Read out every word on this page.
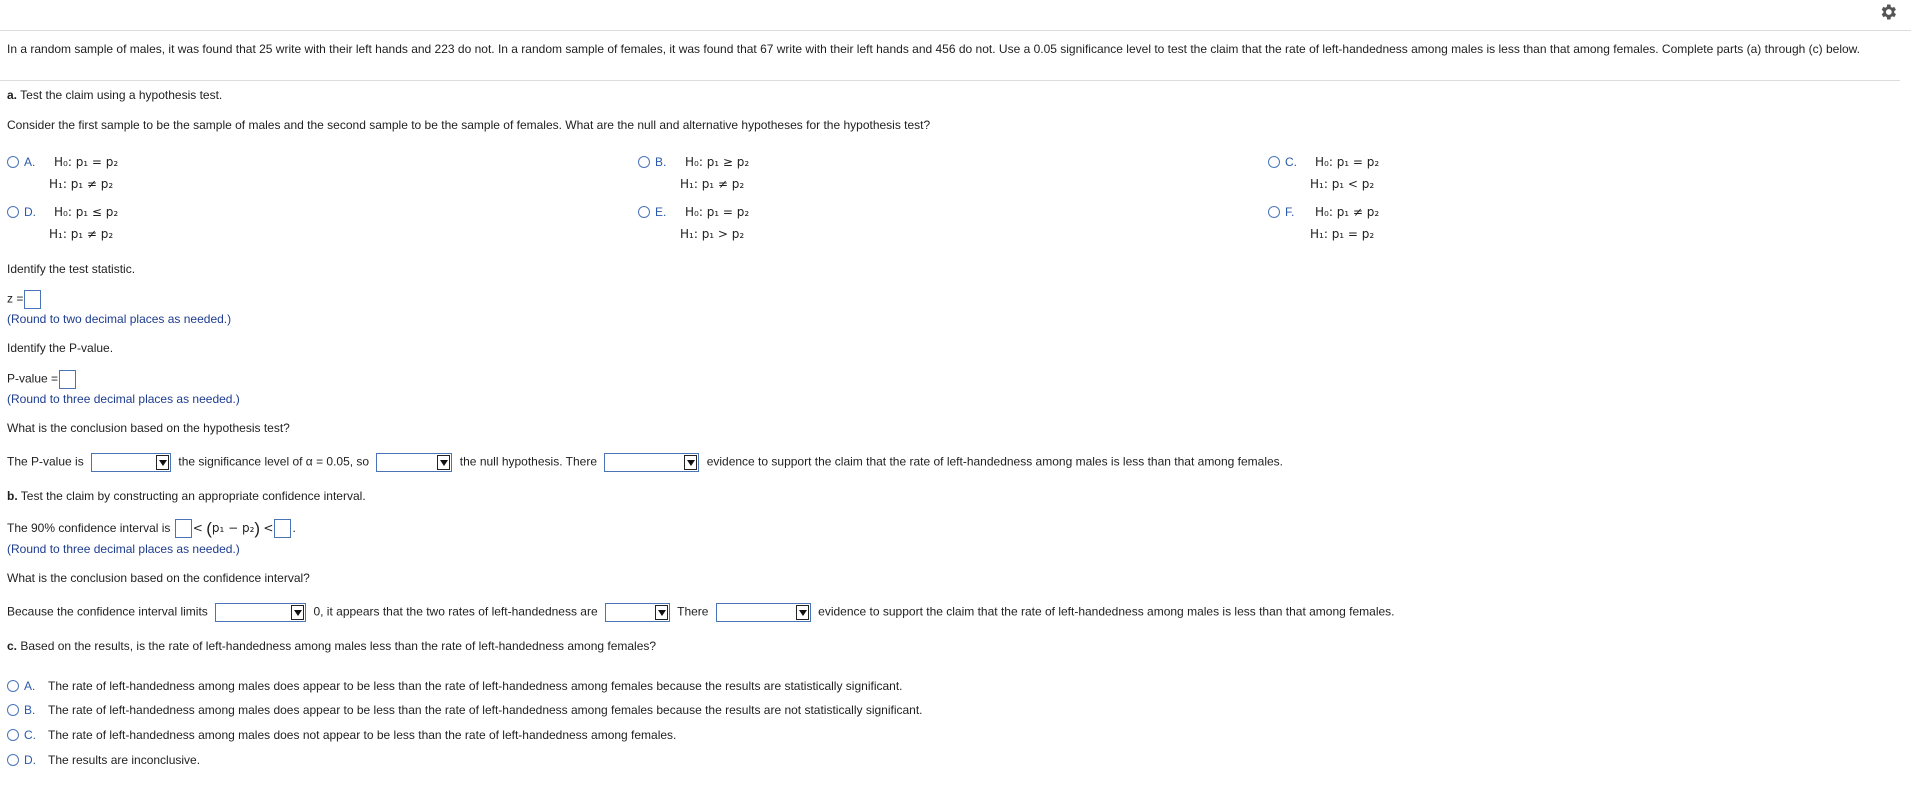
In a random sample of males, it was found that 25 write with their left hands and 223 do not. In a random sample of females, it was found that 67 write with their left hands and 456 do not. Use a 0.05 significance level to test the claim that the rate of left-handedness among males is less than that among females. Complete parts (a) through (c) below.
a. Test the claim using a hypothesis test.
Consider the first sample to be the sample of males and the second sample to be the sample of females. What are the null and alternative hypotheses for the hypothesis test?
A. H₀: p₁ = p₂
H₁: p₁ ≠ p₂
B. H₀: p₁ ≥ p₂
H₁: p₁ ≠ p₂
C. H₀: p₁ = p₂
H₁: p₁ < p₂
D. H₀: p₁ ≤ p₂
H₁: p₁ ≠ p₂
E. H₀: p₁ = p₂
H₁: p₁ > p₂
F. H₀: p₁ ≠ p₂
H₁: p₁ = p₂
Identify the test statistic.
z =
(Round to two decimal places as needed.)
Identify the P-value.
P-value =
(Round to three decimal places as needed.)
What is the conclusion based on the hypothesis test?
The P-value is	the significance level of α = 0.05, so	the null hypothesis. There	evidence to support the claim that the rate of left-handedness among males is less than that among females.
b. Test the claim by constructing an appropriate confidence interval.
The 90% confidence interval is < (p₁ − p₂) < .
(Round to three decimal places as needed.)
What is the conclusion based on the confidence interval?
Because the confidence interval limits	0, it appears that the two rates of left-handedness are	There	evidence to support the claim that the rate of left-handedness among males is less than that among females.
c. Based on the results, is the rate of left-handedness among males less than the rate of left-handedness among females?
A. The rate of left-handedness among males does appear to be less than the rate of left-handedness among females because the results are statistically significant.
B. The rate of left-handedness among males does appear to be less than the rate of left-handedness among females because the results are not statistically significant.
C. The rate of left-handedness among males does not appear to be less than the rate of left-handedness among females.
D. The results are inconclusive.
